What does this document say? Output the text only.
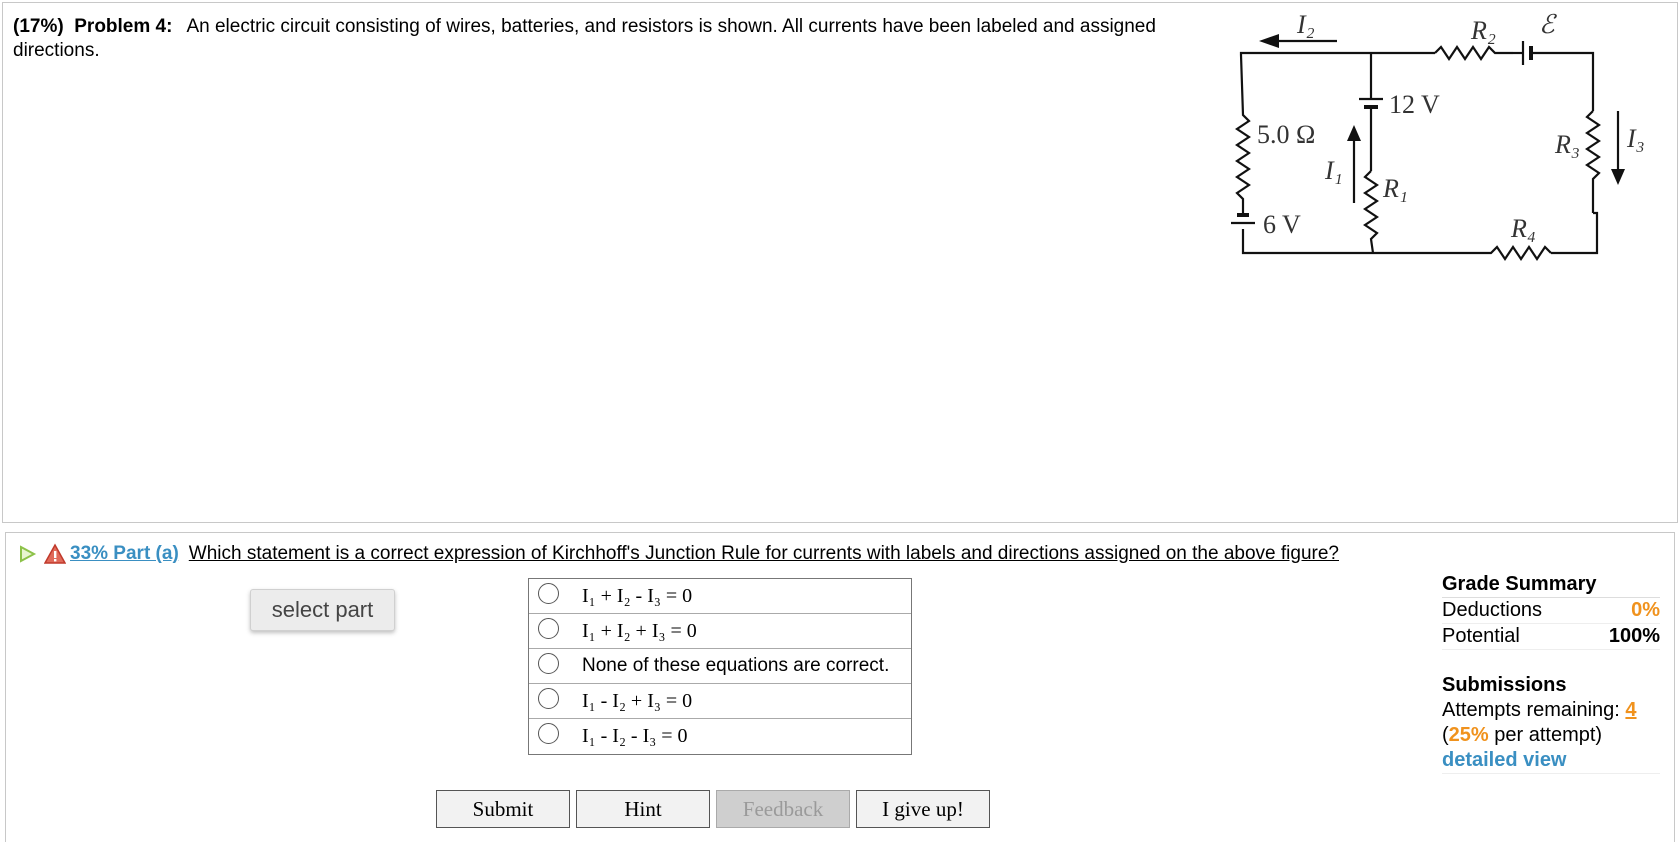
(17%) Problem 4: An electric circuit consisting of wires, batteries, and resistors is shown. All currents have been labeled and assigned directions.
I₂	R₂ ℰ
12 V
5.0 Ω
I₁
R₁
R₃ I₃
6 V	R₄
33% Part (a) Which statement is a correct expression of Kirchhoff's Junction Rule for currents with labels and directions assigned on the above figure?
select part
I₁ + I₂ - I₃ = 0
I₁ + I₂ + I₃ = 0
None of these equations are correct.
I₁ - I₂ + I₃ = 0
I₁ - I₂ - I₃ = 0
Submit	Hint	Feedback	I give up!
Grade Summary
Deductions	0%
Potential	100%
Submissions
Attempts remaining: 4
(25% per attempt)
detailed view
